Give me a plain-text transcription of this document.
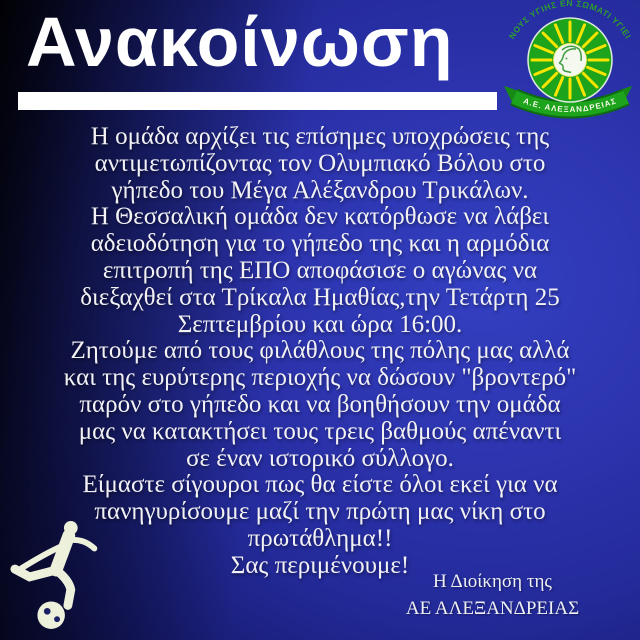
Ανακοίνωση	ΝΟΥΣ ΥΓΙΗΣ ΕΝ ΣΩΜΑΤΙ ΥΓΙΕΙ
Α.Ε. ΑΛΕΞΑΝΔΡΕΙΑΣ
Η ομάδα αρχίζει τις επίσημες υποχρώσεις της
αντιμετωπίζοντας τον Ολυμπιακό Βόλου στο
γήπεδο του Μέγα Αλέξανδρου Τρικάλων.
Η Θεσσαλική ομάδα δεν κατόρθωσε να λάβει
αδειοδότηση για το γήπεδο της και η αρμόδια
επιτροπή της ΕΠΟ αποφάσισε ο αγώνας να
διεξαχθεί στα Τρίκαλα Ημαθίας,την Τετάρτη 25
Σεπτεμβρίου και ώρα 16:00.
Ζητούμε από τους φιλάθλους της πόλης μας αλλά
και της ευρύτερης περιοχής να δώσουν "βροντερό"
παρόν στο γήπεδο και να βοηθήσουν την ομάδα
μας να κατακτήσει τους τρεις βαθμούς απέναντι
σε έναν ιστορικό σύλλογο.
Είμαστε σίγουροι πως θα είστε όλοι εκεί για να
πανηγυρίσουμε μαζί την πρώτη μας νίκη στο
πρωτάθλημα!!
Σας περιμένουμε!
Η Διοίκηση της
ΑΕ ΑΛΕΞΑΝΔΡΕΙΑΣ
